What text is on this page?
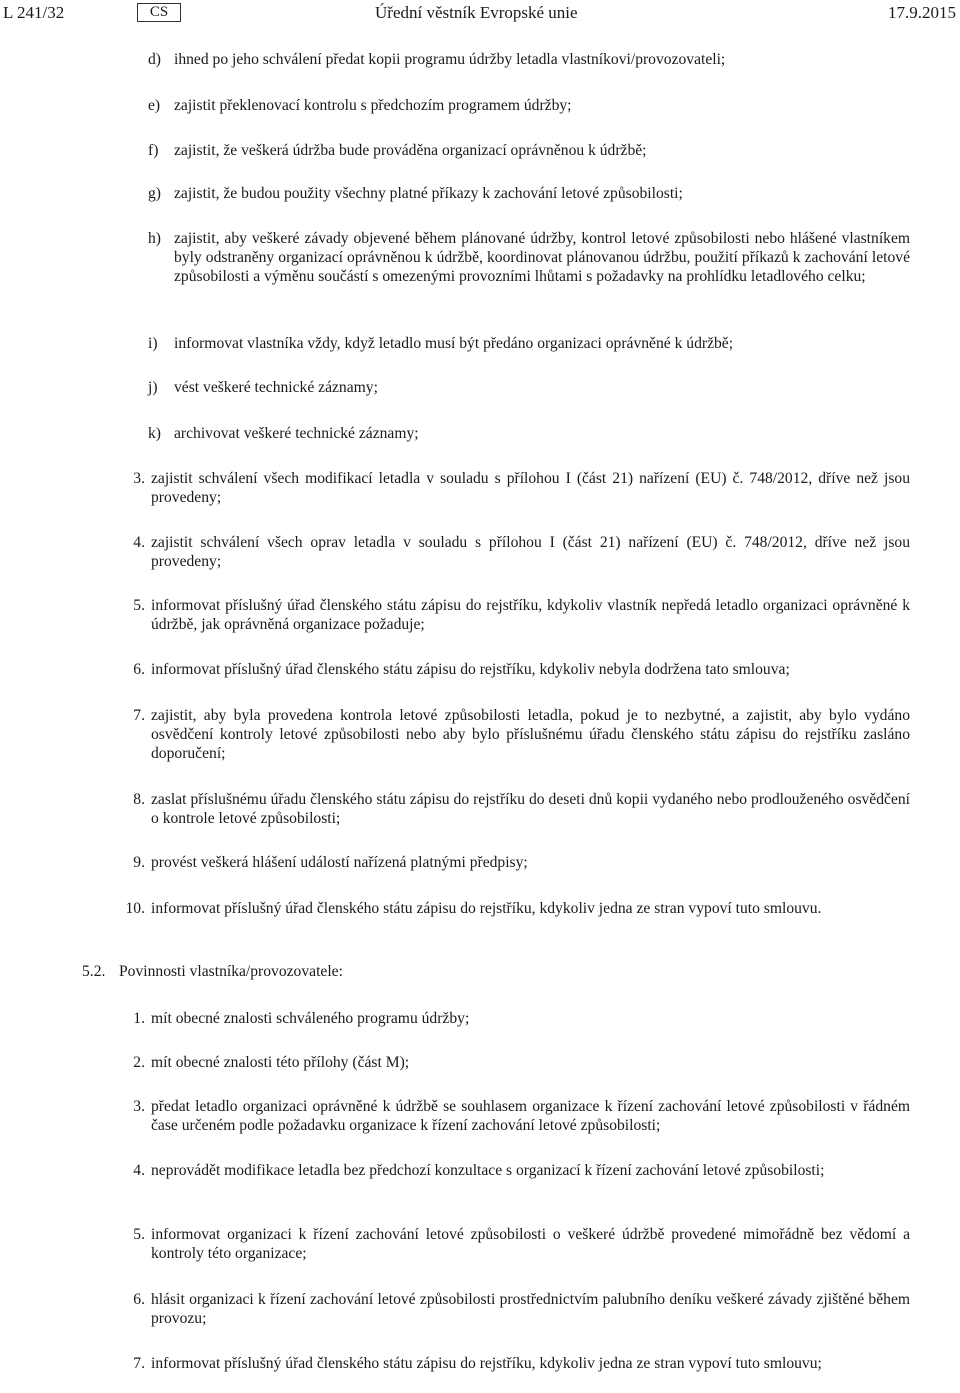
L 241/32	CS	Úřední věstník Evropské unie	17.9.2015
d) ihned po jeho schválení předat kopii programu údržby letadla vlastníkovi/provozovateli;
e) zajistit překlenovací kontrolu s předchozím programem údržby;
f) zajistit, že veškerá údržba bude prováděna organizací oprávněnou k údržbě;
g) zajistit, že budou použity všechny platné příkazy k zachování letové způsobilosti;
h) zajistit, aby veškeré závady objevené během plánované údržby, kontrol letové způsobilosti nebo hlášené vlastníkem byly odstraněny organizací oprávněnou k údržbě, koordinovat plánovanou údržbu, použití příkazů k zachování letové způsobilosti a výměnu součástí s omezenými provozními lhůtami s požadavky na prohlídku letadlového celku;
i) informovat vlastníka vždy, když letadlo musí být předáno organizaci oprávněné k údržbě;
j) vést veškeré technické záznamy;
k) archivovat veškeré technické záznamy;
3. zajistit schválení všech modifikací letadla v souladu s přílohou I (část 21) nařízení (EU) č. 748/2012, dříve než jsou provedeny;
4. zajistit schválení všech oprav letadla v souladu s přílohou I (část 21) nařízení (EU) č. 748/2012, dříve než jsou provedeny;
5. informovat příslušný úřad členského státu zápisu do rejstříku, kdykoliv vlastník nepředá letadlo organizaci oprávněné k údržbě, jak oprávněná organizace požaduje;
6. informovat příslušný úřad členského státu zápisu do rejstříku, kdykoliv nebyla dodržena tato smlouva;
7. zajistit, aby byla provedena kontrola letové způsobilosti letadla, pokud je to nezbytné, a zajistit, aby bylo vydáno osvědčení kontroly letové způsobilosti nebo aby bylo příslušnému úřadu členského státu zápisu do rejstříku zasláno doporučení;
8. zaslat příslušnému úřadu členského státu zápisu do rejstříku do deseti dnů kopii vydaného nebo prodlouženého osvědčení o kontrole letové způsobilosti;
9. provést veškerá hlášení událostí nařízená platnými předpisy;
10. informovat příslušný úřad členského státu zápisu do rejstříku, kdykoliv jedna ze stran vypoví tuto smlouvu.
5.2. Povinnosti vlastníka/provozovatele:
1. mít obecné znalosti schváleného programu údržby;
2. mít obecné znalosti této přílohy (část M);
3. předat letadlo organizaci oprávněné k údržbě se souhlasem organizace k řízení zachování letové způsobilosti v řádném čase určeném podle požadavku organizace k řízení zachování letové způsobilosti;
4. neprovádět modifikace letadla bez předchozí konzultace s organizací k řízení zachování letové způsobilosti;
5. informovat organizaci k řízení zachování letové způsobilosti o veškeré údržbě provedené mimořádně bez vědomí a kontroly této organizace;
6. hlásit organizaci k řízení zachování letové způsobilosti prostřednictvím palubního deníku veškeré závady zjištěné během provozu;
7. informovat příslušný úřad členského státu zápisu do rejstříku, kdykoliv jedna ze stran vypoví tuto smlouvu;
